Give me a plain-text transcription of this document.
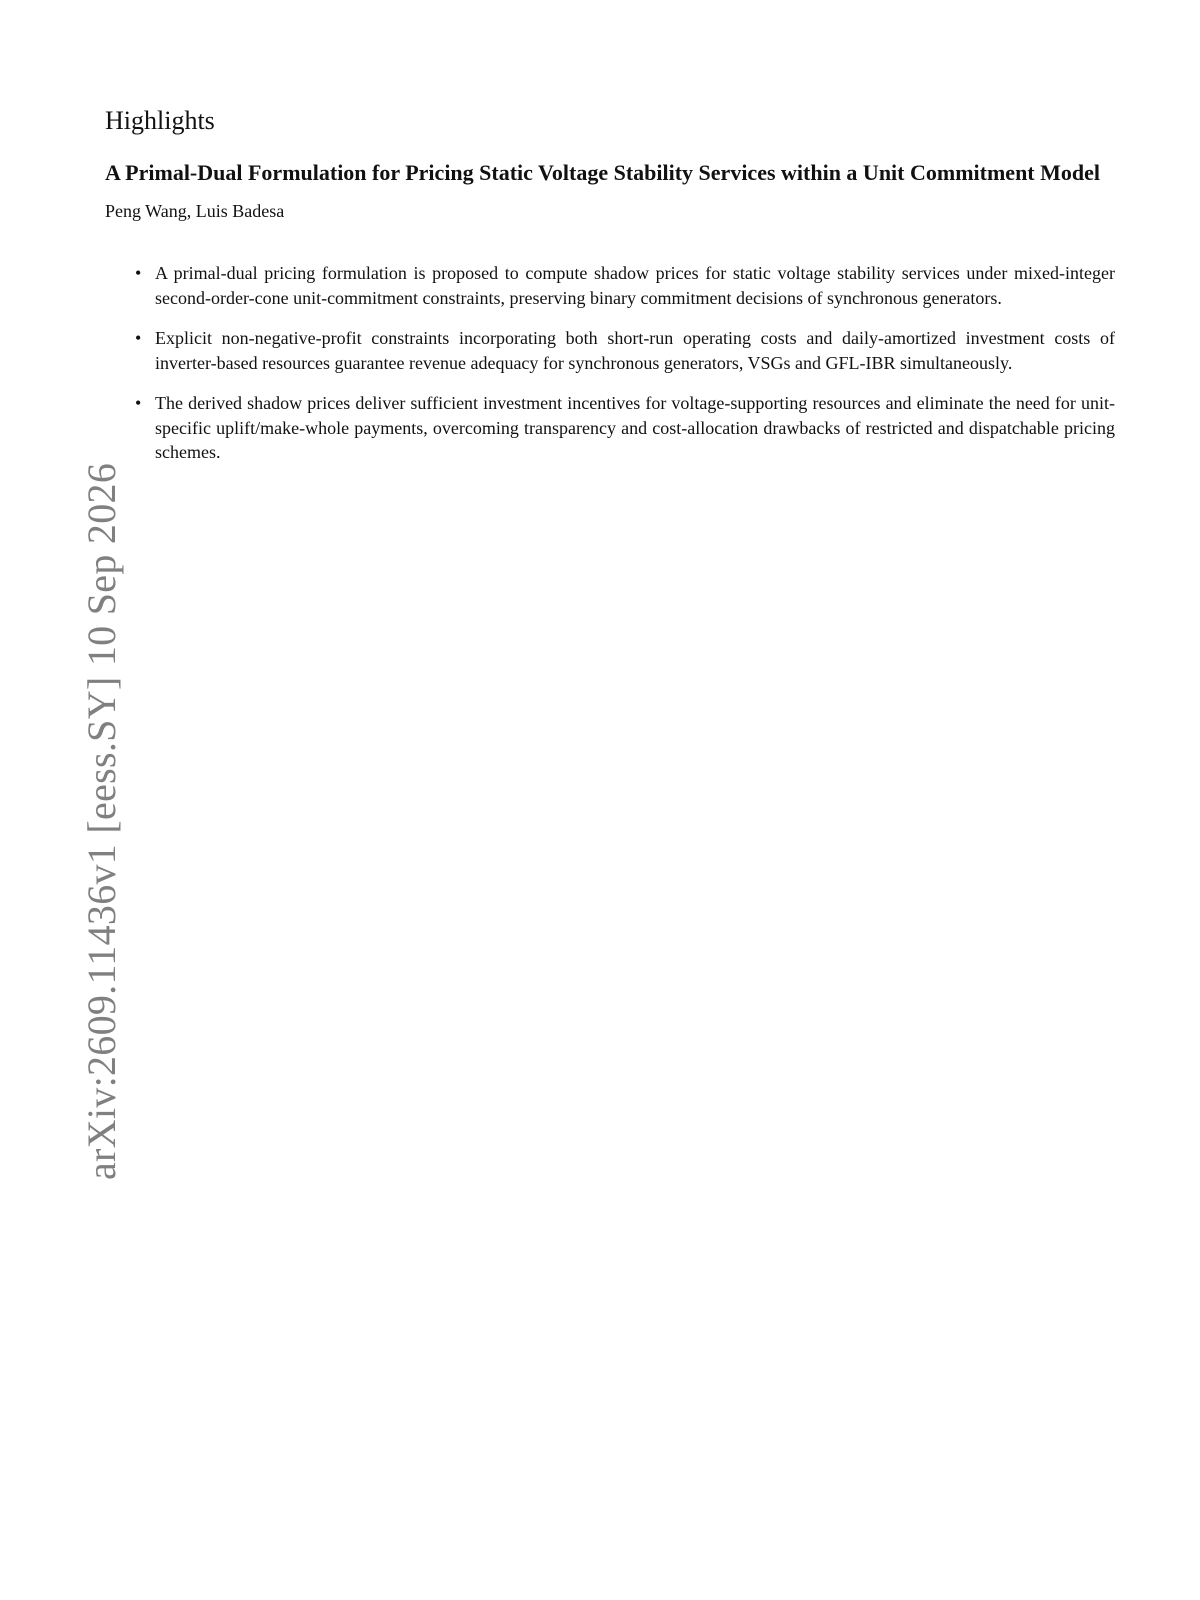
arXiv:2609.11436v1 [eess.SY] 10 Sep 2026
Highlights
A Primal-Dual Formulation for Pricing Static Voltage Stability Services within a Unit Commitment Model
Peng Wang, Luis Badesa
• A primal-dual pricing formulation is proposed to compute shadow prices for static voltage stability services under mixed-integer second-order-cone unit-commitment constraints, preserving binary commitment decisions of synchronous generators.
• Explicit non-negative-profit constraints incorporating both short-run operating costs and daily-amortized investment costs of inverter-based resources guarantee revenue adequacy for synchronous generators, VSGs and GFL-IBR simultaneously.
• The derived shadow prices deliver sufficient investment incentives for voltage-supporting resources and eliminate the need for unit-specific uplift/make-whole payments, overcoming transparency and cost-allocation drawbacks of restricted and dispatchable pricing schemes.
